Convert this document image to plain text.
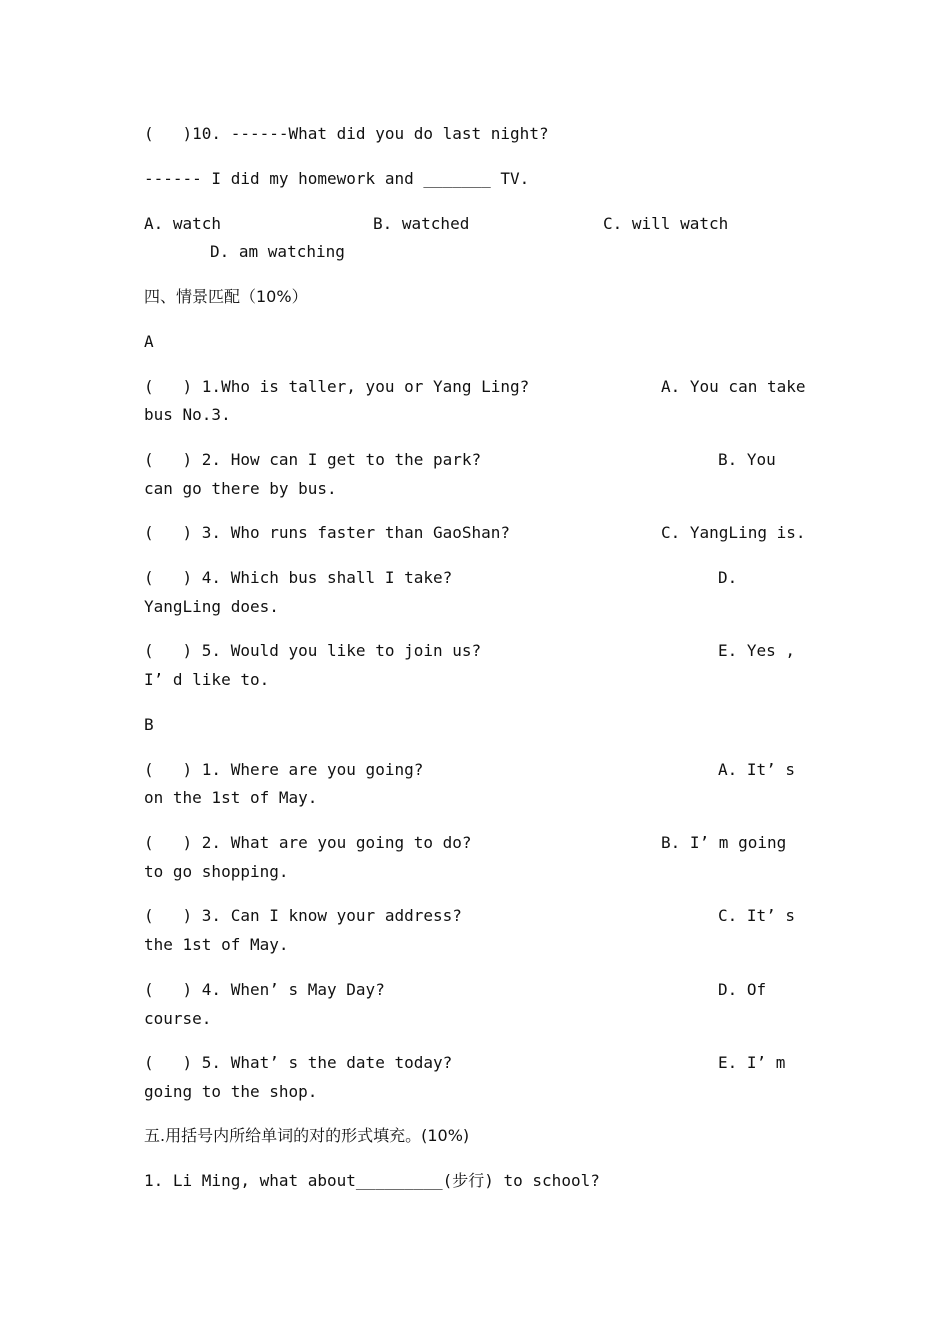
(   )10. ------What did you do last night?
------ I did my homework and _______ TV.
A. watch	B. watched	C. will watch
D. am watching
四、情景匹配（10%）
A
(   ) 1.Who is taller, you or Yang Ling?	A. You can take
bus No.3.
(   ) 2. How can I get to the park?	B. You
can go there by bus.
(   ) 3. Who runs faster than GaoShan?	C. YangLing is.
(   ) 4. Which bus shall I take?	D.
YangLing does.
(   ) 5. Would you like to join us?	E. Yes ,
I’ d like to.
B
(   ) 1. Where are you going?	A. It’ s
on the 1st of May.
(   ) 2. What are you going to do?	B. I’ m going
to go shopping.
(   ) 3. Can I know your address?	C. It’ s
the 1st of May.
(   ) 4. When’ s May Day?	D. Of
course.
(   ) 5. What’ s the date today?	E. I’ m
going to the shop.
五.用括号内所给单词的对的形式填充。(10%)
1. Li Ming, what about_________(步行) to school?
